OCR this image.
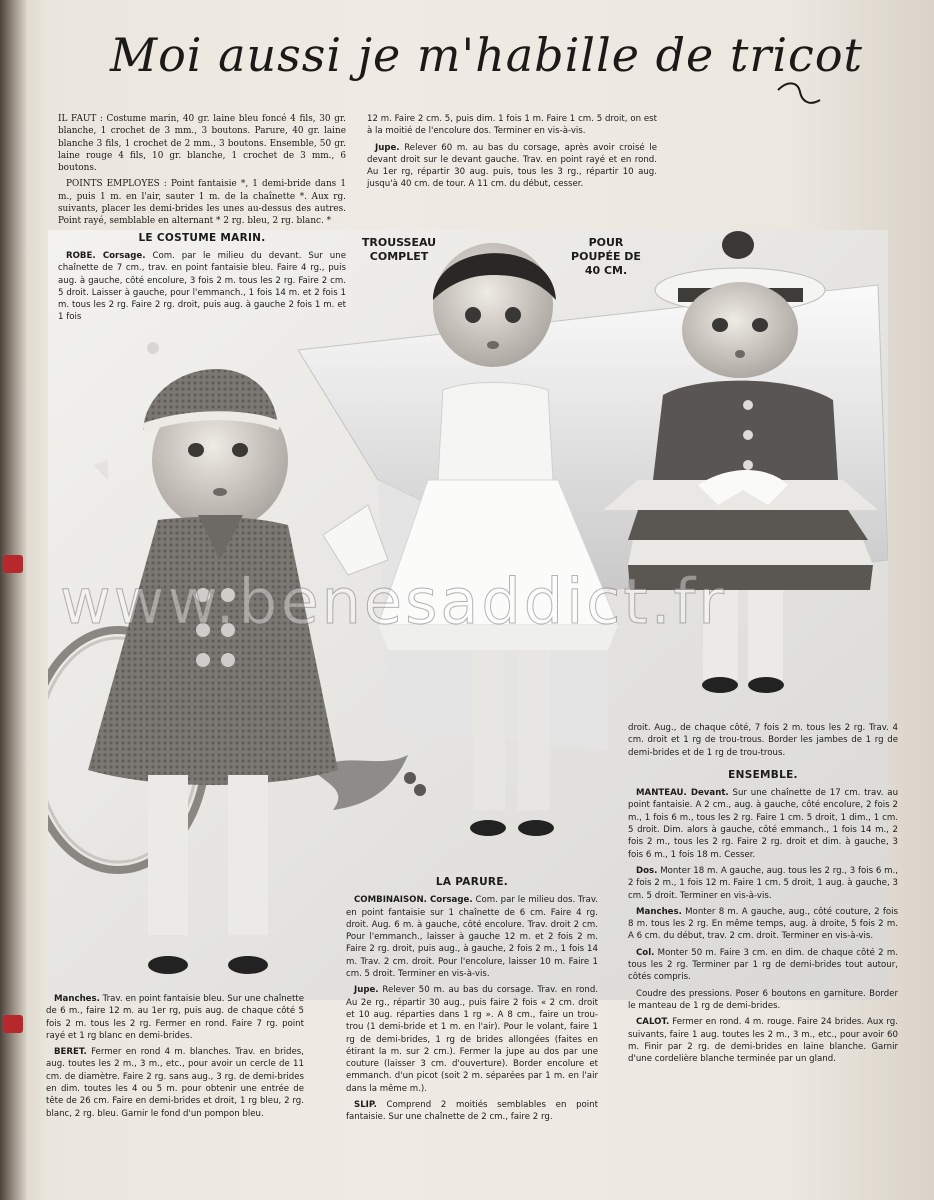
Moi aussi je m'habille de tricot
www.benesaddict.fr

IL FAUT : Costume marin, 40 gr. laine bleu foncé 4 fils, 30 gr. blanche, 1 crochet de 3 mm., 3 boutons. Parure, 40 gr. laine blanche 3 fils, 1 crochet de 2 mm., 3 boutons. Ensemble, 50 gr. laine rouge 4 fils, 10 gr. blanche, 1 crochet de 3 mm., 6 boutons.

POINTS EMPLOYES : Point fantaisie *, 1 demi-bride dans 1 m., puis 1 m. en l'air, sauter 1 m. de la chaînette *. Aux rg. suivants, placer les demi-brides les unes au-dessus des autres. Point rayé, semblable en alternant * 2 rg. bleu, 2 rg. blanc. *

LE COSTUME MARIN.

ROBE. Corsage. Com. par le milieu du devant. Sur une chaînette de 7 cm., trav. en point fantaisie bleu. Faire 4 rg., puis aug. à gauche, côté encolure, 3 fois 2 m. tous les 2 rg. Faire 2 cm. 5 droit. Laisser à gauche, pour l'emmanch., 1 fois 14 m. et 2 fois 1 m. tous les 2 rg. Faire 2 rg. droit, puis aug. à gauche 2 fois 1 m. et 1 fois

12 m. Faire 2 cm. 5, puis dim. 1 fois 1 m. Faire 1 cm. 5 droit, on est à la moitié de l'encolure dos. Terminer en vis-à-vis.

Jupe. Relever 60 m. au bas du corsage, après avoir croisé le devant droit sur le devant gauche. Trav. en point rayé et en rond. Au 1er rg, répartir 30 aug. puis, tous les 3 rg., répartir 10 aug. jusqu'à 40 cm. de tour. A 11 cm. du début, cesser.

TROUSSEAU COMPLET
POUR POUPÉE DE 40 CM.

Manches. Trav. en point fantaisie bleu. Sur une chaînette de 6 m., faire 12 m. au 1er rg, puis aug. de chaque côté 5 fois 2 m. tous les 2 rg. Fermer en rond. Faire 7 rg. point rayé et 1 rg blanc en demi-brides.

BERET. Fermer en rond 4 m. blanches. Trav. en brides, aug. toutes les 2 m., 3 m., etc., pour avoir un cercle de 11 cm. de diamètre. Faire 2 rg. sans aug., 3 rg. de demi-brides en dim. toutes les 4 ou 5 m. pour obtenir une entrée de tête de 26 cm. Faire en demi-brides et droit, 1 rg bleu, 2 rg. blanc, 2 rg. bleu. Garnir le fond d'un pompon bleu.

LA PARURE.

COMBINAISON. Corsage. Com. par le milieu dos. Trav. en point fantaisie sur 1 chaînette de 6 cm. Faire 4 rg. droit. Aug. 6 m. à gauche, côté encolure. Trav. droit 2 cm. Pour l'emmanch., laisser à gauche 12 m. et 2 fois 2 m. Faire 2 rg. droit, puis aug., à gauche, 2 fois 2 m., 1 fois 14 m. Trav. 2 cm. droit. Pour l'encolure, laisser 10 m. Faire 1 cm. 5 droit. Terminer en vis-à-vis.

Jupe. Relever 50 m. au bas du corsage. Trav. en rond. Au 2e rg., répartir 30 aug., puis faire 2 fois « 2 cm. droit et 10 aug. réparties dans 1 rg ». A 8 cm., faire un trou-trou (1 demi-bride et 1 m. en l'air). Pour le volant, faire 1 rg de demi-brides, 1 rg de brides allongées (faites en étirant la m. sur 2 cm.). Fermer la jupe au dos par une couture (laisser 3 cm. d'ouverture). Border encolure et emmanch. d'un picot (soit 2 m. séparées par 1 m. en l'air dans la même m.).

SLIP. Comprend 2 moitiés semblables en point fantaisie. Sur une chaînette de 2 cm., faire 2 rg.

droit. Aug., de chaque côté, 7 fois 2 m. tous les 2 rg. Trav. 4 cm. droit et 1 rg de trou-trous. Border les jambes de 1 rg de demi-brides et de 1 rg de trou-trous.

ENSEMBLE.

MANTEAU. Devant. Sur une chaînette de 17 cm. trav. au point fantaisie. A 2 cm., aug. à gauche, côté encolure, 2 fois 2 m., 1 fois 6 m., tous les 2 rg. Faire 1 cm. 5 droit, 1 dim., 1 cm. 5 droit. Dim. alors à gauche, côté emmanch., 1 fois 14 m., 2 fois 2 m., tous les 2 rg. Faire 2 rg. droit et dim. à gauche, 3 fois 6 m., 1 fois 18 m. Cesser.

Dos. Monter 18 m. A gauche, aug. tous les 2 rg., 3 fois 6 m., 2 fois 2 m., 1 fois 12 m. Faire 1 cm. 5 droit, 1 aug. à gauche, 3 cm. 5 droit. Terminer en vis-à-vis.

Manches. Monter 8 m. A gauche, aug., côté couture, 2 fois 8 m. tous les 2 rg. En même temps, aug. à droite, 5 fois 2 m. A 6 cm. du début, trav. 2 cm. droit. Terminer en vis-à-vis.

Col. Monter 50 m. Faire 3 cm. en dim. de chaque côté 2 m. tous les 2 rg. Terminer par 1 rg de demi-brides tout autour, côtés compris.

Coudre des pressions. Poser 6 boutons en garniture. Border le manteau de 1 rg de demi-brides.

CALOT. Fermer en rond. 4 m. rouge. Faire 24 brides. Aux rg. suivants, faire 1 aug. toutes les 2 m., 3 m., etc., pour avoir 60 m. Finir par 2 rg. de demi-brides en laine blanche. Garnir d'une cordelière blanche terminée par un gland.
